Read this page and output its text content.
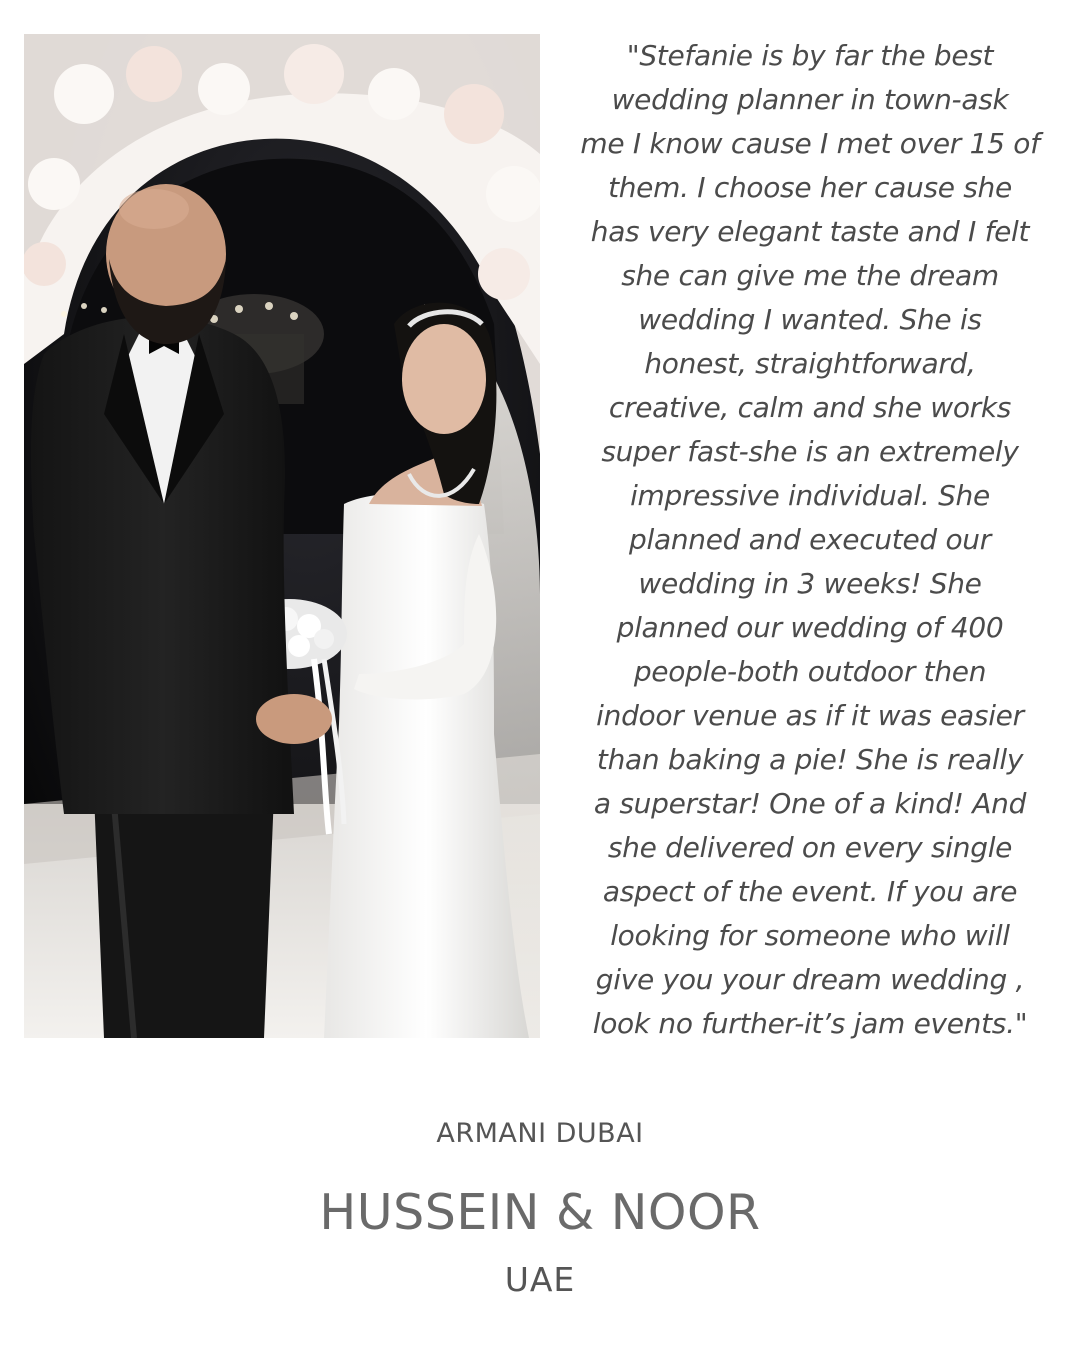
"Stefanie is by far the best
wedding planner in town-ask
me I know cause I met over 15 of
them. I choose her cause she
has very elegant taste and I felt
she can give me the dream
wedding I wanted. She is
honest, straightforward,
creative, calm and she works
super fast-she is an extremely
impressive individual. She
planned and executed our
wedding in 3 weeks! She
planned our wedding of 400
people-both outdoor then
indoor venue as if it was easier
than baking a pie! She is really
a superstar! One of a kind! And
she delivered on every single
aspect of the event. If you are
looking for someone who will
give you your dream wedding ,
look no further-it’s jam events."
ARMANI DUBAI
HUSSEIN & NOOR
UAE
